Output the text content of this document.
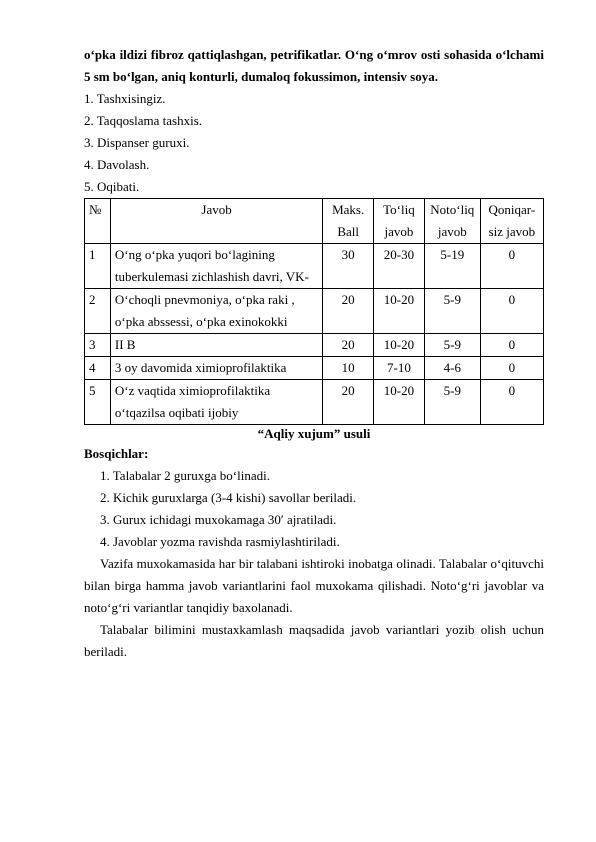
o‘pka ildizi fibroz qattiqlashgan, petrifikatlar. O‘ng o‘mrov osti sohasida o‘lchami 5 sm bo‘lgan, aniq konturli, dumaloq fokussimon, intensiv soya.

1. Tashxisingiz.

2. Taqqoslama tashxis.

3. Dispanser guruxi.

4. Davolash.

5. Oqibati.

№	Javob	Maks. Ball	To‘liq javob	Noto‘liq javob	Qoniqar-siz javob
1	O‘ng o‘pka yuqori bo‘lagining tuberkulemasi zichlashish davri, VK-	30	20-30	5-19	0
2	O‘choqli pnevmoniya, o‘pka raki , o‘pka abssessi, o‘pka exinokokki	20	10-20	5-9	0
3	II B	20	10-20	5-9	0
4	3 oy davomida ximioprofilaktika	10	7-10	4-6	0
5	O‘z vaqtida ximioprofilaktika o‘tqazilsa oqibati ijobiy	20	10-20	5-9	0

“Aqliy xujum” usuli

Bosqichlar:

1. Talabalar 2 guruxga bo‘linadi.
2. Kichik guruxlarga (3-4 kishi) savollar beriladi.
3. Gurux ichidagi muxokamaga 30′ ajratiladi.
4. Javoblar yozma ravishda rasmiylashtiriladi.

Vazifa muxokamasida har bir talabani ishtiroki inobatga olinadi. Talabalar o‘qituvchi bilan birga hamma javob variantlarini faol muxokama qilishadi. Noto‘g‘ri javoblar va noto‘g‘ri variantlar tanqidiy baxolanadi.

Talabalar bilimini mustaxkamlash maqsadida javob variantlari yozib olish uchun beriladi.
